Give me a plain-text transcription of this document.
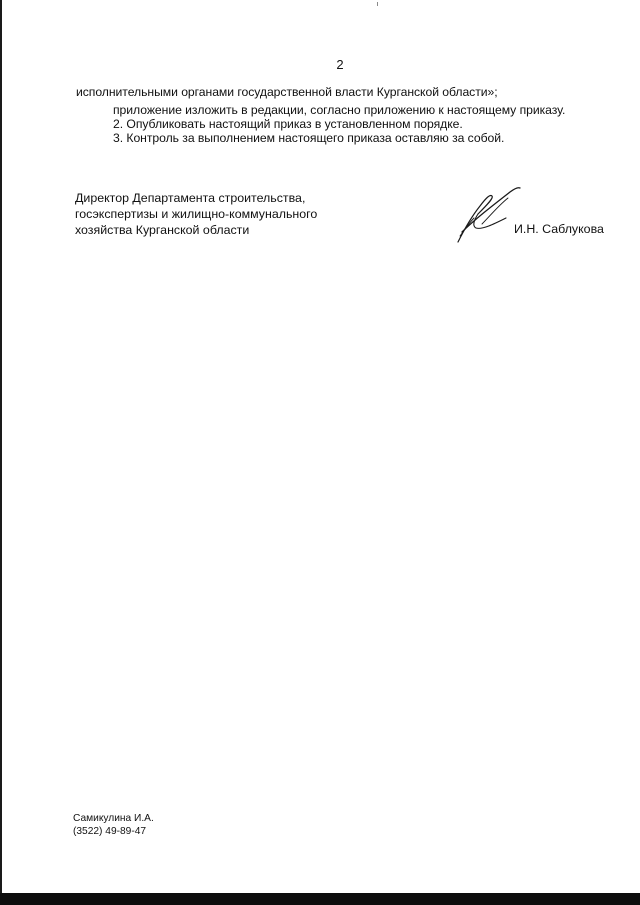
2
исполнительными органами государственной власти Курганской области»;
приложение изложить в редакции, согласно приложению к настоящему приказу.
2. Опубликовать настоящий приказ в установленном порядке.
3. Контроль за выполнением настоящего приказа оставляю за собой.
Директор Департамента строительства,
госэкспертизы и жилищно-коммунального
хозяйства Курганской области	И.Н. Саблукова
Самикулина И.А.
(3522) 49-89-47
